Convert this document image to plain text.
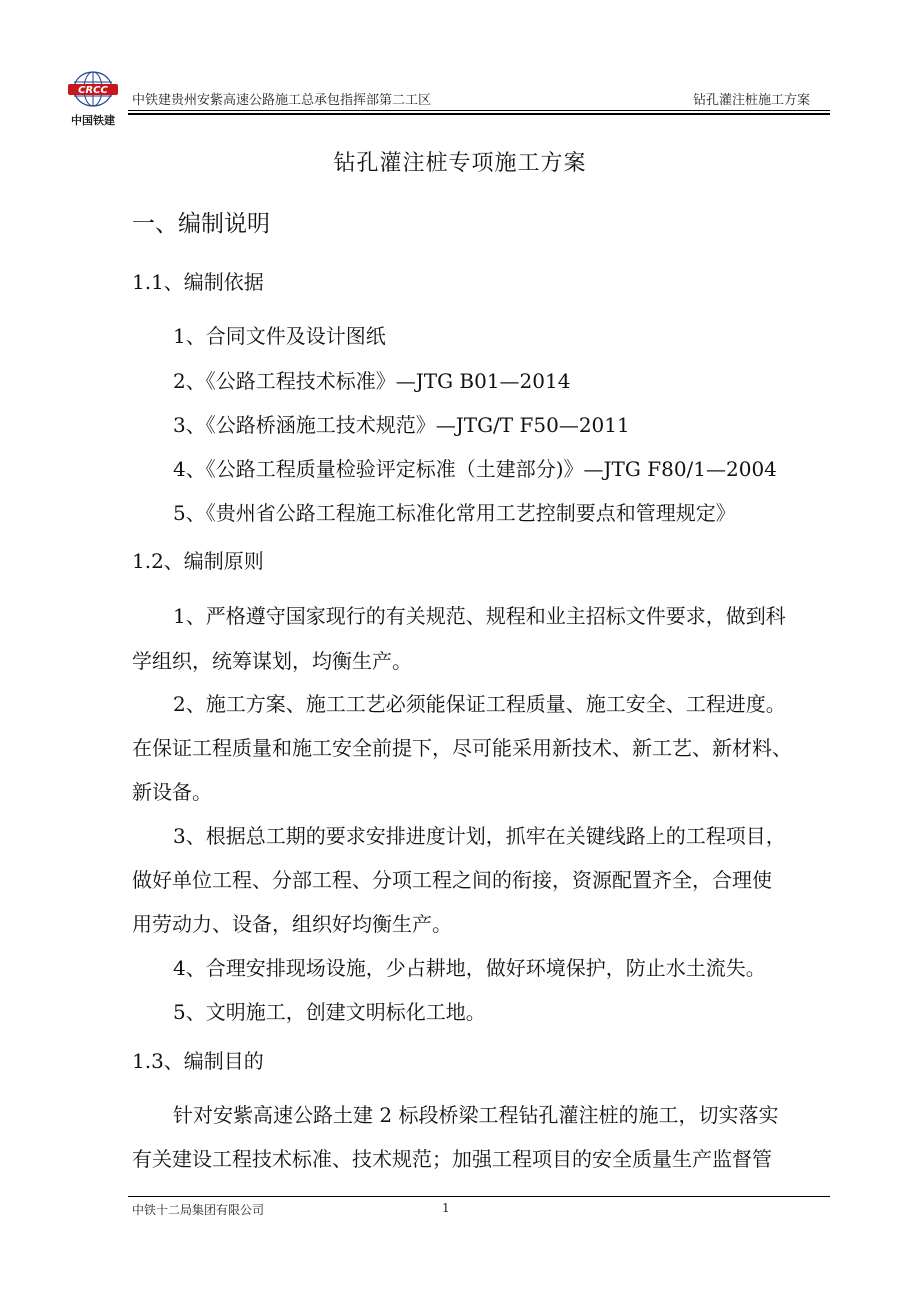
CRCC
中国铁建
中铁建贵州安紫高速公路施工总承包指挥部第二工区	钻孔灌注桩施工方案
钻孔灌注桩专项施工方案
一、编制说明
1.1、编制依据
1、合同文件及设计图纸
2、《公路工程技术标准》—JTG B01—2014
3、《公路桥涵施工技术规范》—JTG/T F50—2011
4、《公路工程质量检验评定标准（土建部分)》—JTG F80/1—2004
5、《贵州省公路工程施工标准化常用工艺控制要点和管理规定》
1.2、编制原则
1、严格遵守国家现行的有关规范、规程和业主招标文件要求，做到科
学组织，统筹谋划，均衡生产。
2、施工方案、施工工艺必须能保证工程质量、施工安全、工程进度。
在保证工程质量和施工安全前提下，尽可能采用新技术、新工艺、新材料、
新设备。
3、根据总工期的要求安排进度计划，抓牢在关键线路上的工程项目，
做好单位工程、分部工程、分项工程之间的衔接，资源配置齐全，合理使
用劳动力、设备，组织好均衡生产。
4、合理安排现场设施，少占耕地，做好环境保护，防止水土流失。
5、文明施工，创建文明标化工地。
1.3、编制目的
针对安紫高速公路土建 2 标段桥梁工程钻孔灌注桩的施工，切实落实
有关建设工程技术标准、技术规范；加强工程项目的安全质量生产监督管
中铁十二局集团有限公司	1
